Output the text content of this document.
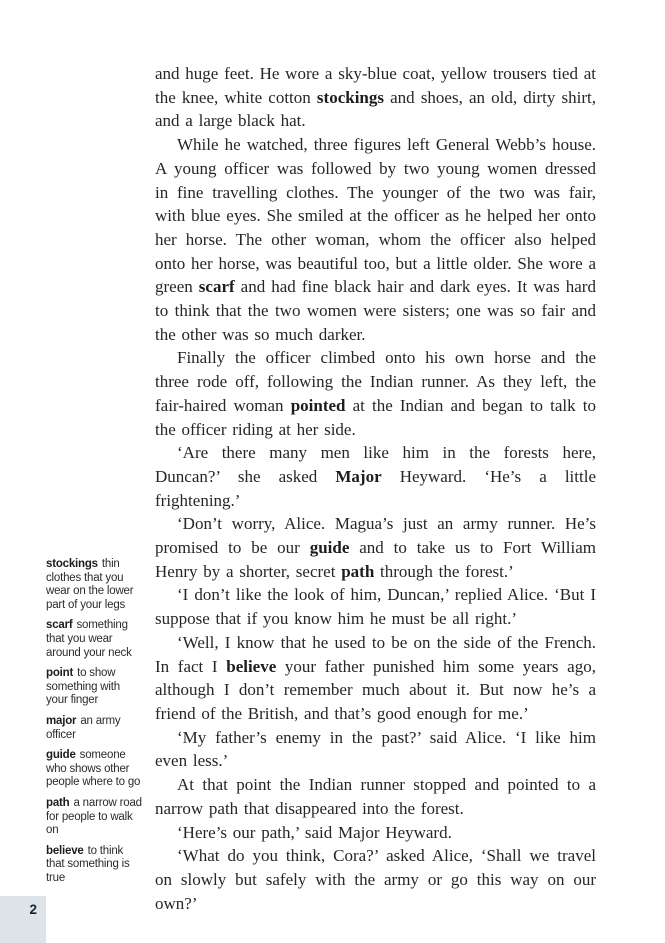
stockings thin clothes that you wear on the lower part of your legs
scarf something that you wear around your neck
point to show something with your finger
major an army officer
guide someone who shows other people where to go
path a narrow road for people to walk on
believe to think that something is true

and huge feet. He wore a sky-blue coat, yellow trousers tied at the knee, white cotton stockings and shoes, an old, dirty shirt, and a large black hat.

While he watched, three figures left General Webb’s house. A young officer was followed by two young women dressed in fine travelling clothes. The younger of the two was fair, with blue eyes. She smiled at the officer as he helped her onto her horse. The other woman, whom the officer also helped onto her horse, was beautiful too, but a little older. She wore a green scarf and had fine black hair and dark eyes. It was hard to think that the two women were sisters; one was so fair and the other was so much darker.

Finally the officer climbed onto his own horse and the three rode off, following the Indian runner. As they left, the fair-haired woman pointed at the Indian and began to talk to the officer riding at her side.

‘Are there many men like him in the forests here, Duncan?’ she asked Major Heyward. ‘He’s a little frightening.’

‘Don’t worry, Alice. Magua’s just an army runner. He’s promised to be our guide and to take us to Fort William Henry by a shorter, secret path through the forest.’

‘I don’t like the look of him, Duncan,’ replied Alice. ‘But I suppose that if you know him he must be all right.’

‘Well, I know that he used to be on the side of the French. In fact I believe your father punished him some years ago, although I don’t remember much about it. But now he’s a friend of the British, and that’s good enough for me.’

‘My father’s enemy in the past?’ said Alice. ‘I like him even less.’

At that point the Indian runner stopped and pointed to a narrow path that disappeared into the forest.

‘Here’s our path,’ said Major Heyward.

‘What do you think, Cora?’ asked Alice, ‘Shall we travel on slowly but safely with the army or go this way on our own?’

2
